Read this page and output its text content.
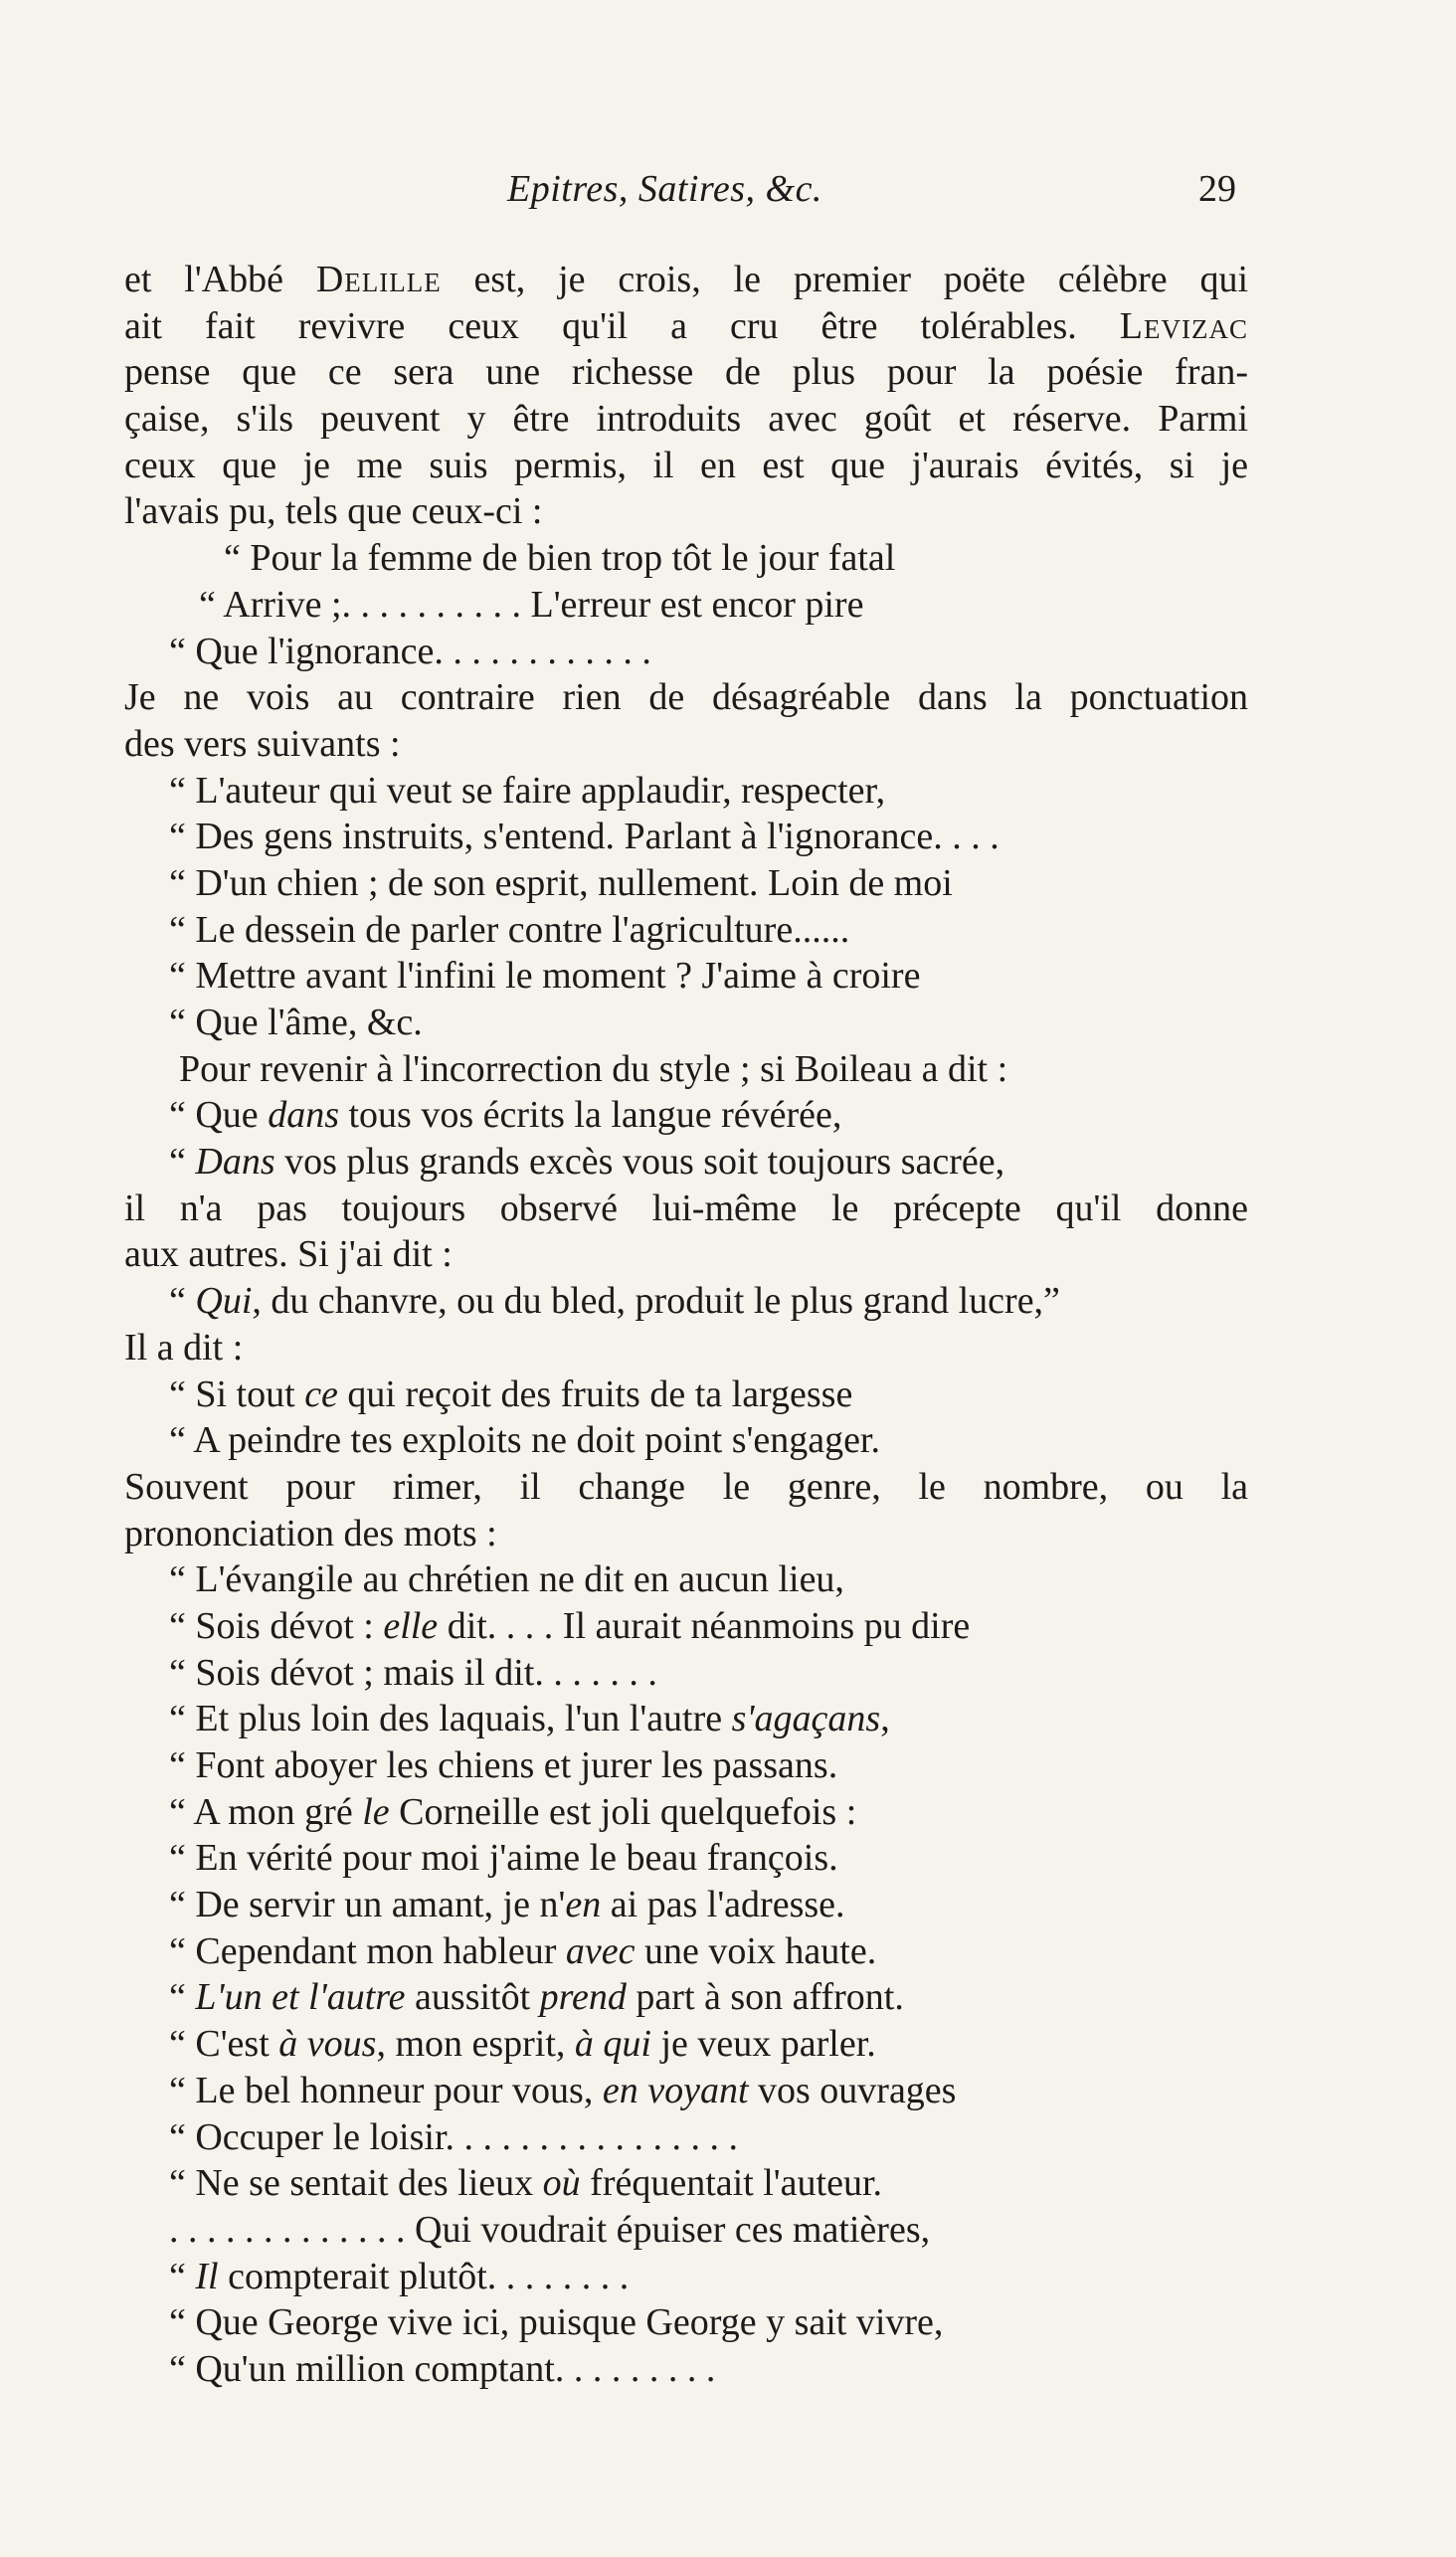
Epitres, Satires, &c.	29
et l'Abbé Delille est, je crois, le premier poëte célèbre qui
ait fait revivre ceux qu'il a cru être tolérables. Levizac
pense que ce sera une richesse de plus pour la poésie fran-
çaise, s'ils peuvent y être introduits avec goût et réserve. Parmi
ceux que je me suis permis, il en est que j'aurais évités, si je
l'avais pu, tels que ceux-ci :
“ Pour la femme de bien trop tôt le jour fatal
“ Arrive ;. . . . . . . . . . L'erreur est encor pire
“ Que l'ignorance. . . . . . . . . . . .
Je ne vois au contraire rien de désagréable dans la ponctuation
des vers suivants :
“ L'auteur qui veut se faire applaudir, respecter,
“ Des gens instruits, s'entend. Parlant à l'ignorance. . . .
“ D'un chien ; de son esprit, nullement. Loin de moi
“ Le dessein de parler contre l'agriculture......
“ Mettre avant l'infini le moment ? J'aime à croire
“ Que l'âme, &c.
Pour revenir à l'incorrection du style ; si Boileau a dit :
“ Que dans tous vos écrits la langue révérée,
“ Dans vos plus grands excès vous soit toujours sacrée,
il n'a pas toujours observé lui-même le précepte qu'il donne
aux autres. Si j'ai dit :
“ Qui, du chanvre, ou du bled, produit le plus grand lucre,”
Il a dit :
“ Si tout ce qui reçoit des fruits de ta largesse
“ A peindre tes exploits ne doit point s'engager.
Souvent pour rimer, il change le genre, le nombre, ou la
prononciation des mots :
“ L'évangile au chrétien ne dit en aucun lieu,
“ Sois dévot : elle dit. . . . Il aurait néanmoins pu dire
“ Sois dévot ; mais il dit. . . . . . .
“ Et plus loin des laquais, l'un l'autre s'agaçans,
“ Font aboyer les chiens et jurer les passans.
“ A mon gré le Corneille est joli quelquefois :
“ En vérité pour moi j'aime le beau françois.
“ De servir un amant, je n'en ai pas l'adresse.
“ Cependant mon hableur avec une voix haute.
“ L'un et l'autre aussitôt prend part à son affront.
“ C'est à vous, mon esprit, à qui je veux parler.
“ Le bel honneur pour vous, en voyant vos ouvrages
“ Occuper le loisir. . . . . . . . . . . . . . . .
“ Ne se sentait des lieux où fréquentait l'auteur.
. . . . . . . . . . . . . Qui voudrait épuiser ces matières,
“ Il compterait plutôt. . . . . . . .
“ Que George vive ici, puisque George y sait vivre,
“ Qu'un million comptant. . . . . . . . .
